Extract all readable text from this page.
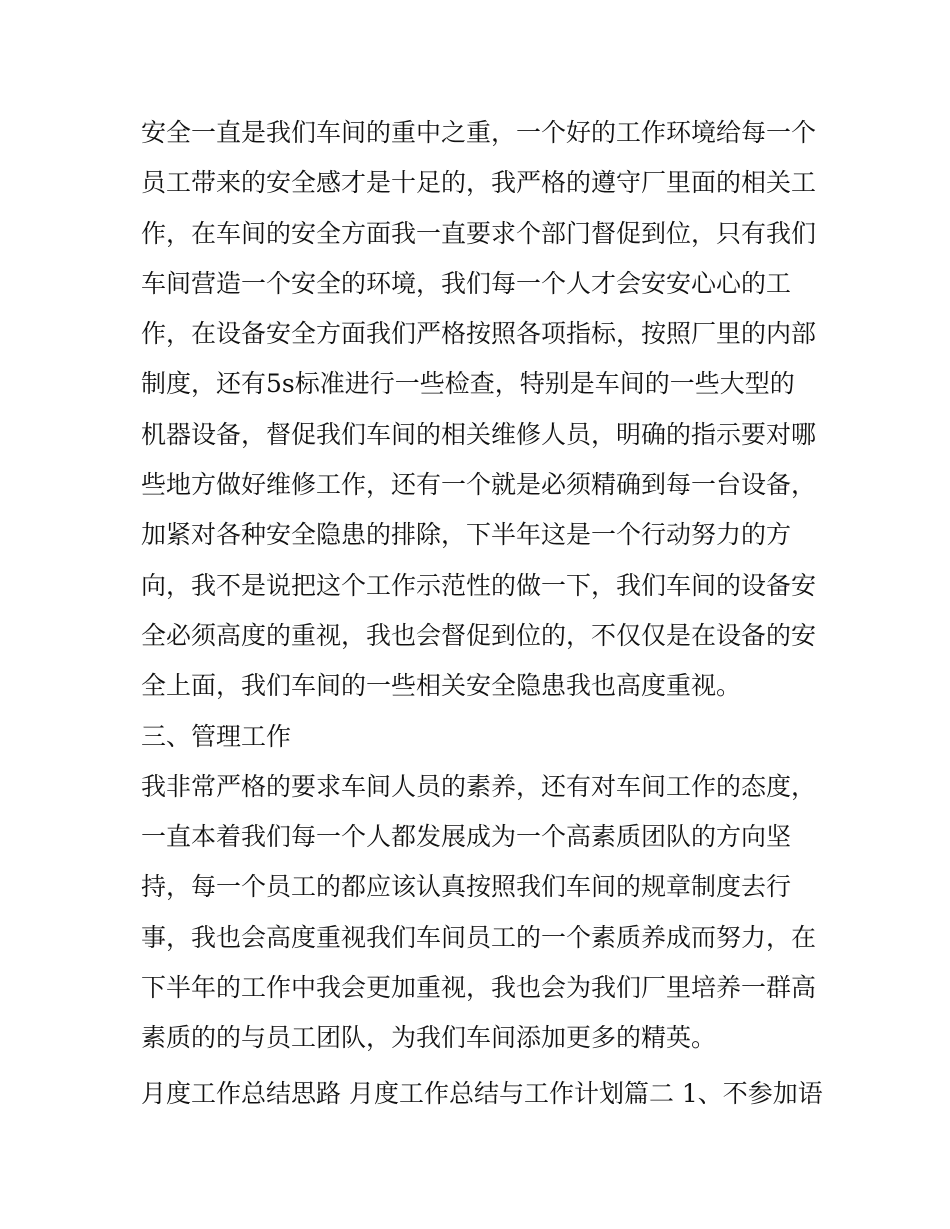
安全一直是我们车间的重中之重，一个好的工作环境给每一个
员工带来的安全感才是十足的，我严格的遵守厂里面的相关工
作，在车间的安全方面我一直要求个部门督促到位，只有我们
车间营造一个安全的环境，我们每一个人才会安安心心的工
作，在设备安全方面我们严格按照各项指标，按照厂里的内部
制度，还有5s标准进行一些检查，特别是车间的一些大型的
机器设备，督促我们车间的相关维修人员，明确的指示要对哪
些地方做好维修工作，还有一个就是必须精确到每一台设备，
加紧对各种安全隐患的排除，下半年这是一个行动努力的方
向，我不是说把这个工作示范性的做一下，我们车间的设备安
全必须高度的重视，我也会督促到位的，不仅仅是在设备的安
全上面，我们车间的一些相关安全隐患我也高度重视。
三、管理工作
我非常严格的要求车间人员的素养，还有对车间工作的态度，
一直本着我们每一个人都发展成为一个高素质团队的方向坚
持，每一个员工的都应该认真按照我们车间的规章制度去行
事，我也会高度重视我们车间员工的一个素质养成而努力，在
下半年的工作中我会更加重视，我也会为我们厂里培养一群高
素质的的与员工团队，为我们车间添加更多的精英。
月度工作总结思路 月度工作总结与工作计划篇二 1、不参加语
